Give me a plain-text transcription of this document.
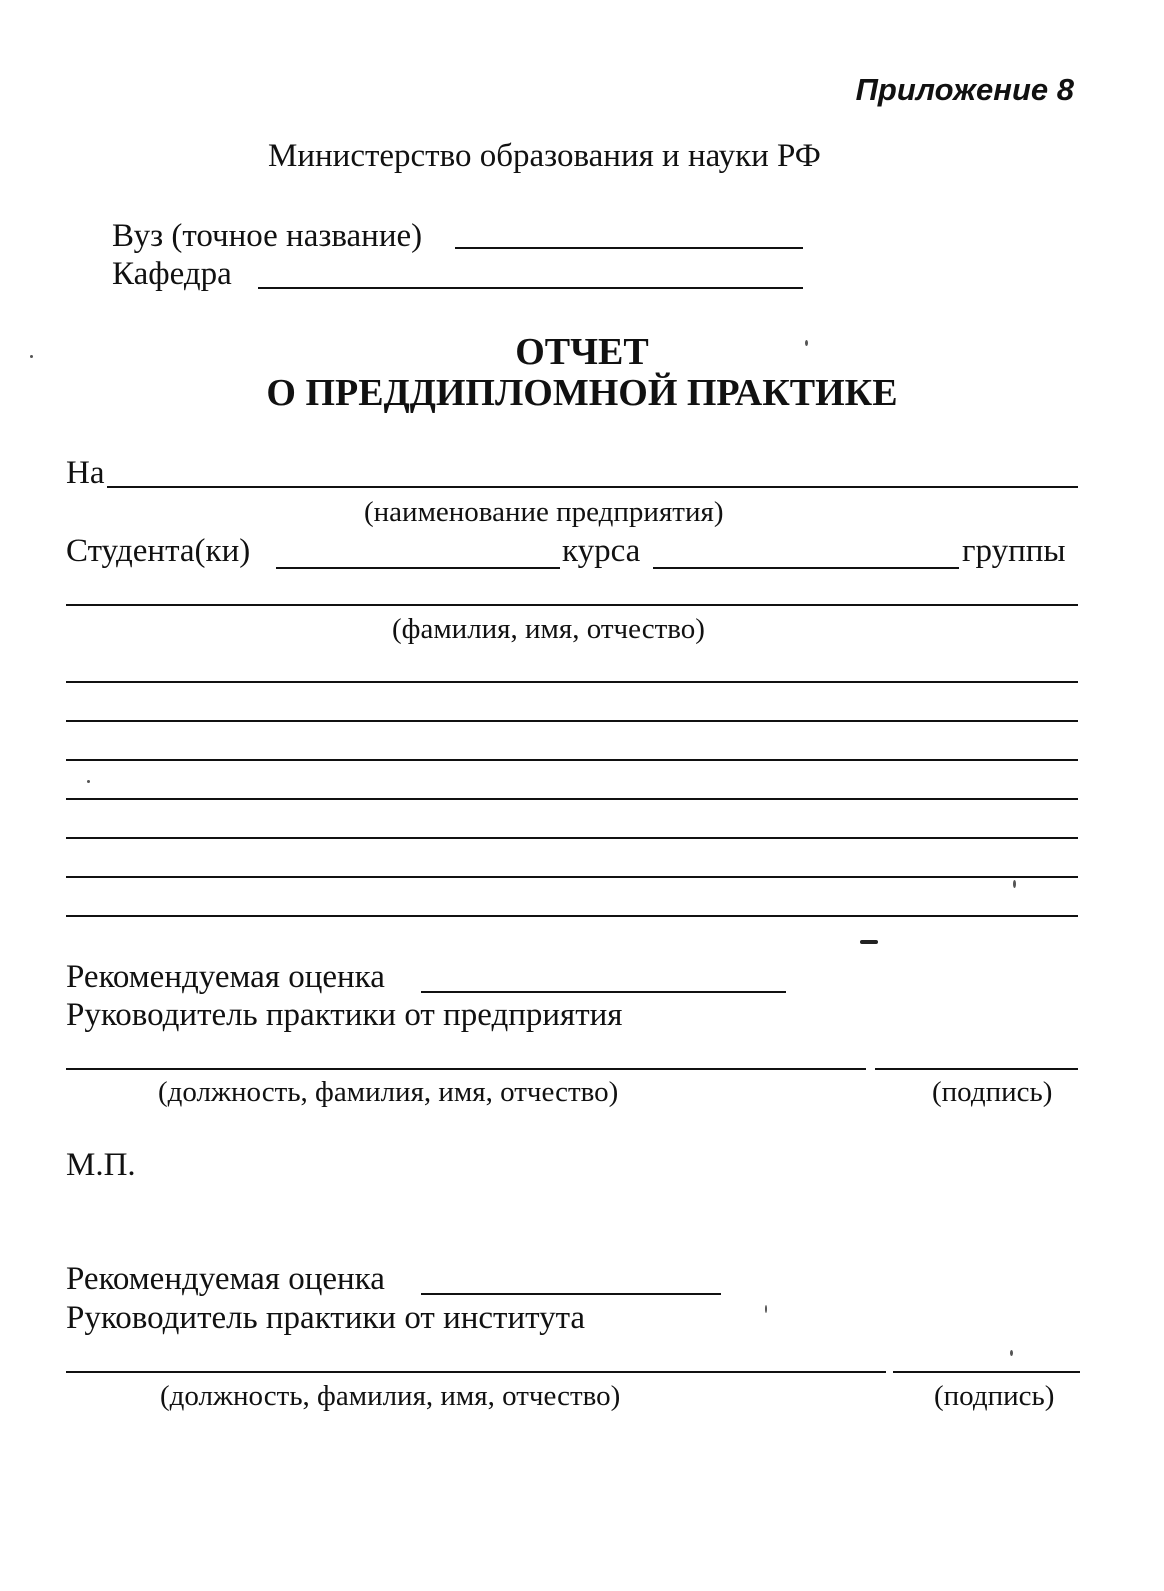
Приложение 8
Министерство образования и науки РФ
Вуз (точное название)
Кафедра
ОТЧЕТ
О ПРЕДДИПЛОМНОЙ ПРАКТИКЕ
На
(наименование предприятия)
Студента(ки)	курса	группы
(фамилия, имя, отчество)
Рекомендуемая оценка
Руководитель практики от предприятия
(должность, фамилия, имя, отчество)	(подпись)
М.П.
Рекомендуемая оценка
Руководитель практики от института
(должность, фамилия, имя, отчество)	(подпись)
